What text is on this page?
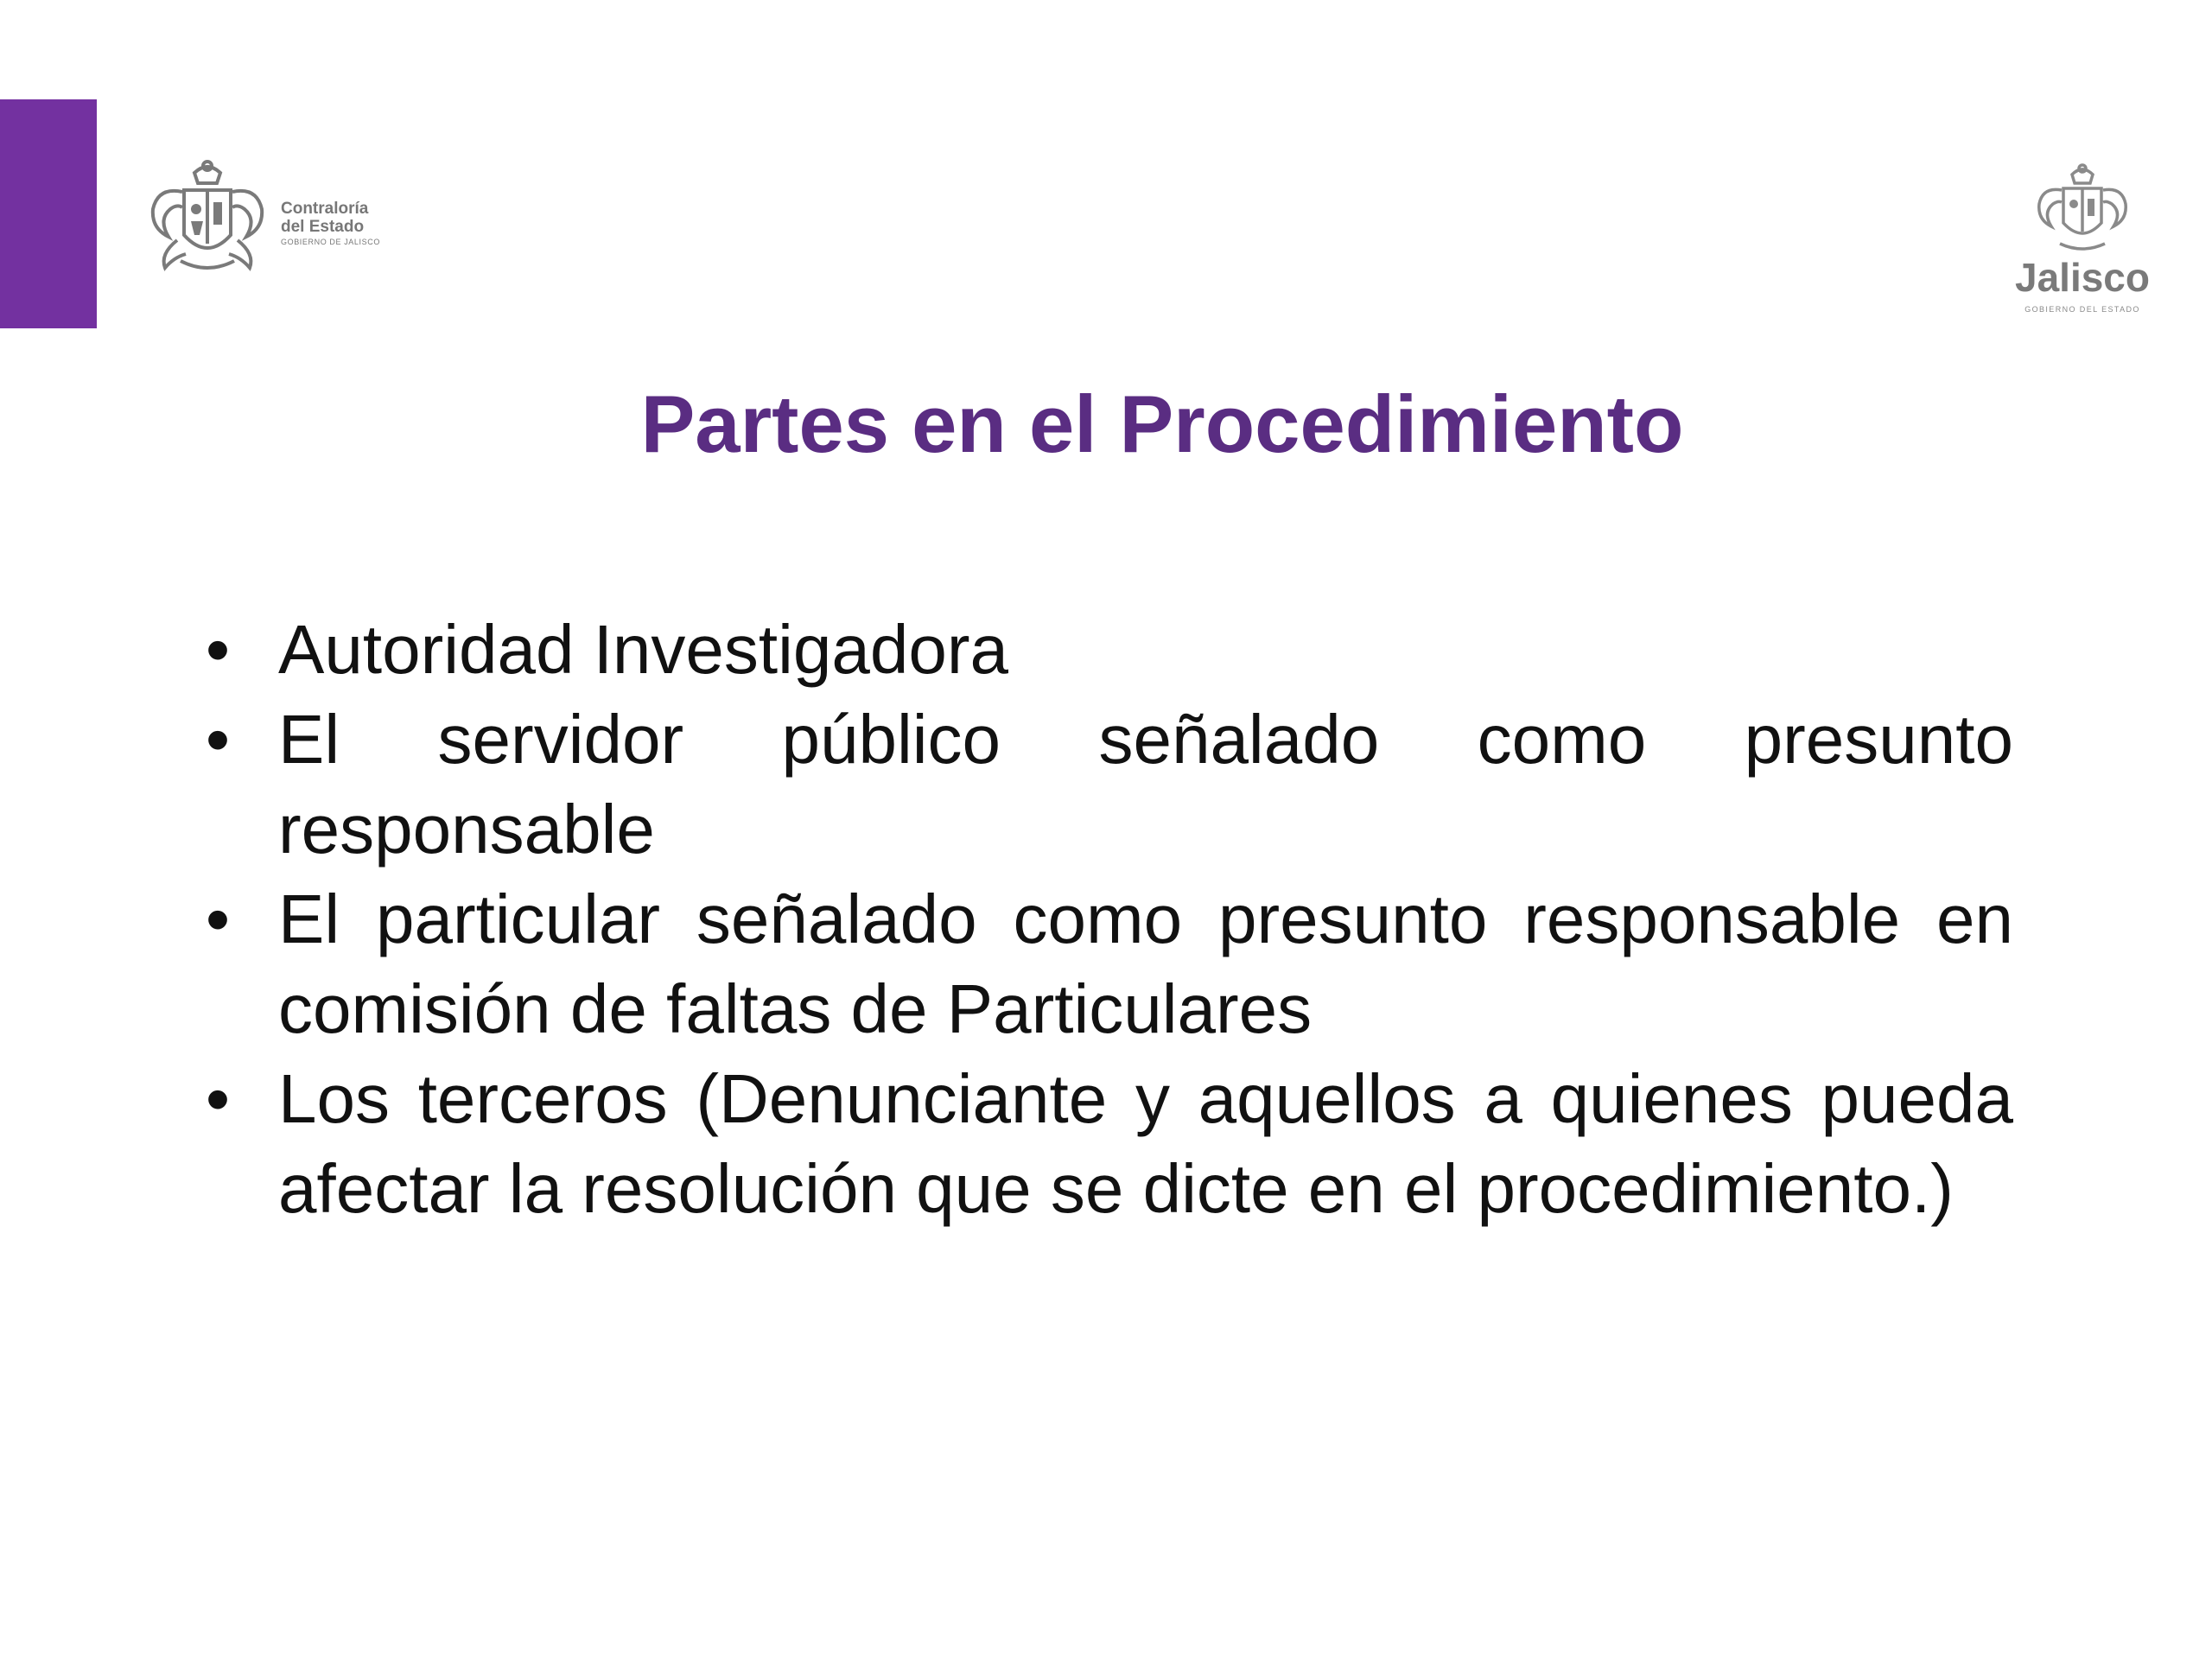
Contraloría
del Estado
GOBIERNO DE JALISCO
Jalisco
GOBIERNO DEL ESTADO
Partes en el Procedimiento
• Autoridad Investigadora
• El servidor público señalado como presunto responsable
• El particular señalado como presunto responsable en comisión de faltas de Particulares
• Los terceros (Denunciante y aquellos a quienes pueda afectar la resolución que se dicte en el procedimiento.)
